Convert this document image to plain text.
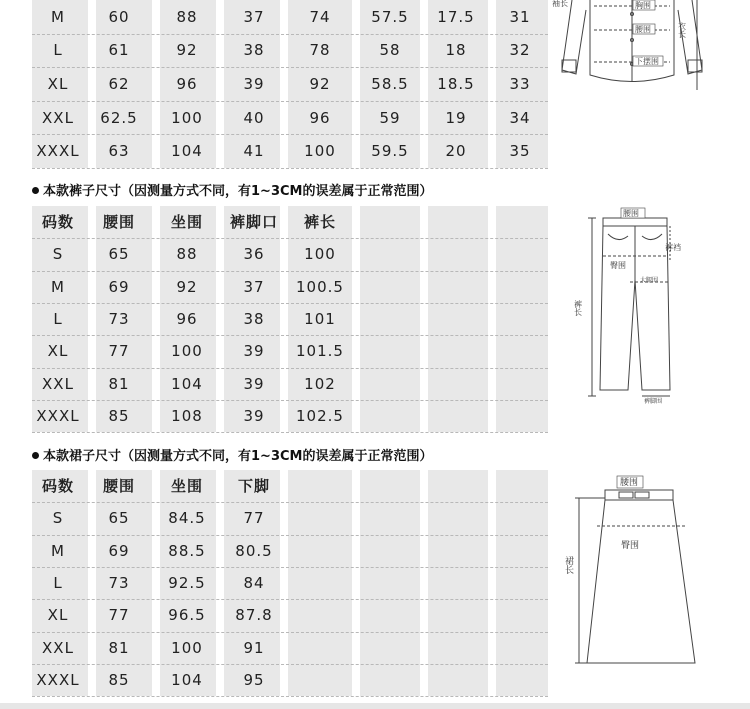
M	60	88	37	74	57.5	17.5	31
L	61	92	38	78	58	18	32
XL	62	96	39	92	58.5	18.5	33
XXL	62.5	100	40	96	59	19	34
XXXL	63	104	41	100	59.5	20	35
胸围
腰围
下摆围
袖长
衣长
本款裤子尺寸（因测量方式不同，有1~3CM的误差属于正常范围）
码数	腰围	坐围	裤脚口	裤长
S	65	88	36	100
M	69	92	37	100.5
L	73	96	38	101
XL	77	100	39	101.5
XXL	81	104	39	102
XXXL	85	108	39	102.5
腰围
臀围
裤裆
大腿围
裤长
裤脚围
本款裙子尺寸（因测量方式不同，有1~3CM的误差属于正常范围）
码数	腰围	坐围	下脚
S	65	84.5	77
M	69	88.5	80.5
L	73	92.5	84
XL	77	96.5	87.8
XXL	81	100	91
XXXL	85	104	95
腰围
臀围
裙长
